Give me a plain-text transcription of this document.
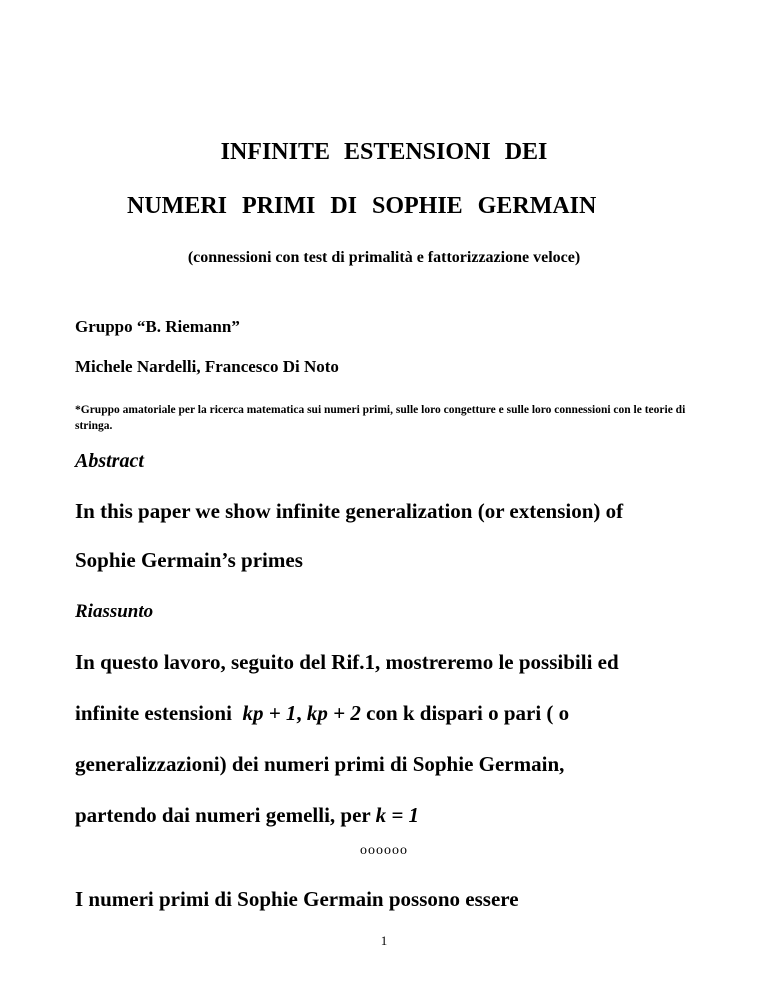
INFINITE ESTENSIONI DEI
NUMERI PRIMI DI SOPHIE GERMAIN
(connessioni con test di primalità e fattorizzazione veloce)
Gruppo “B. Riemann”
Michele Nardelli, Francesco Di Noto
*Gruppo amatoriale per la ricerca matematica sui numeri primi, sulle loro congetture e sulle loro connessioni con le teorie di stringa.
Abstract
In this paper we show infinite generalization (or extension) of
Sophie Germain’s primes
Riassunto
In questo lavoro, seguito del Rif.1, mostreremo le possibili ed
infinite estensioni  kp + 1, kp + 2 con k dispari o pari ( o
generalizzazioni) dei numeri primi di Sophie Germain,
partendo dai numeri gemelli, per k = 1
oooooo
I numeri primi di Sophie Germain possono essere
1
